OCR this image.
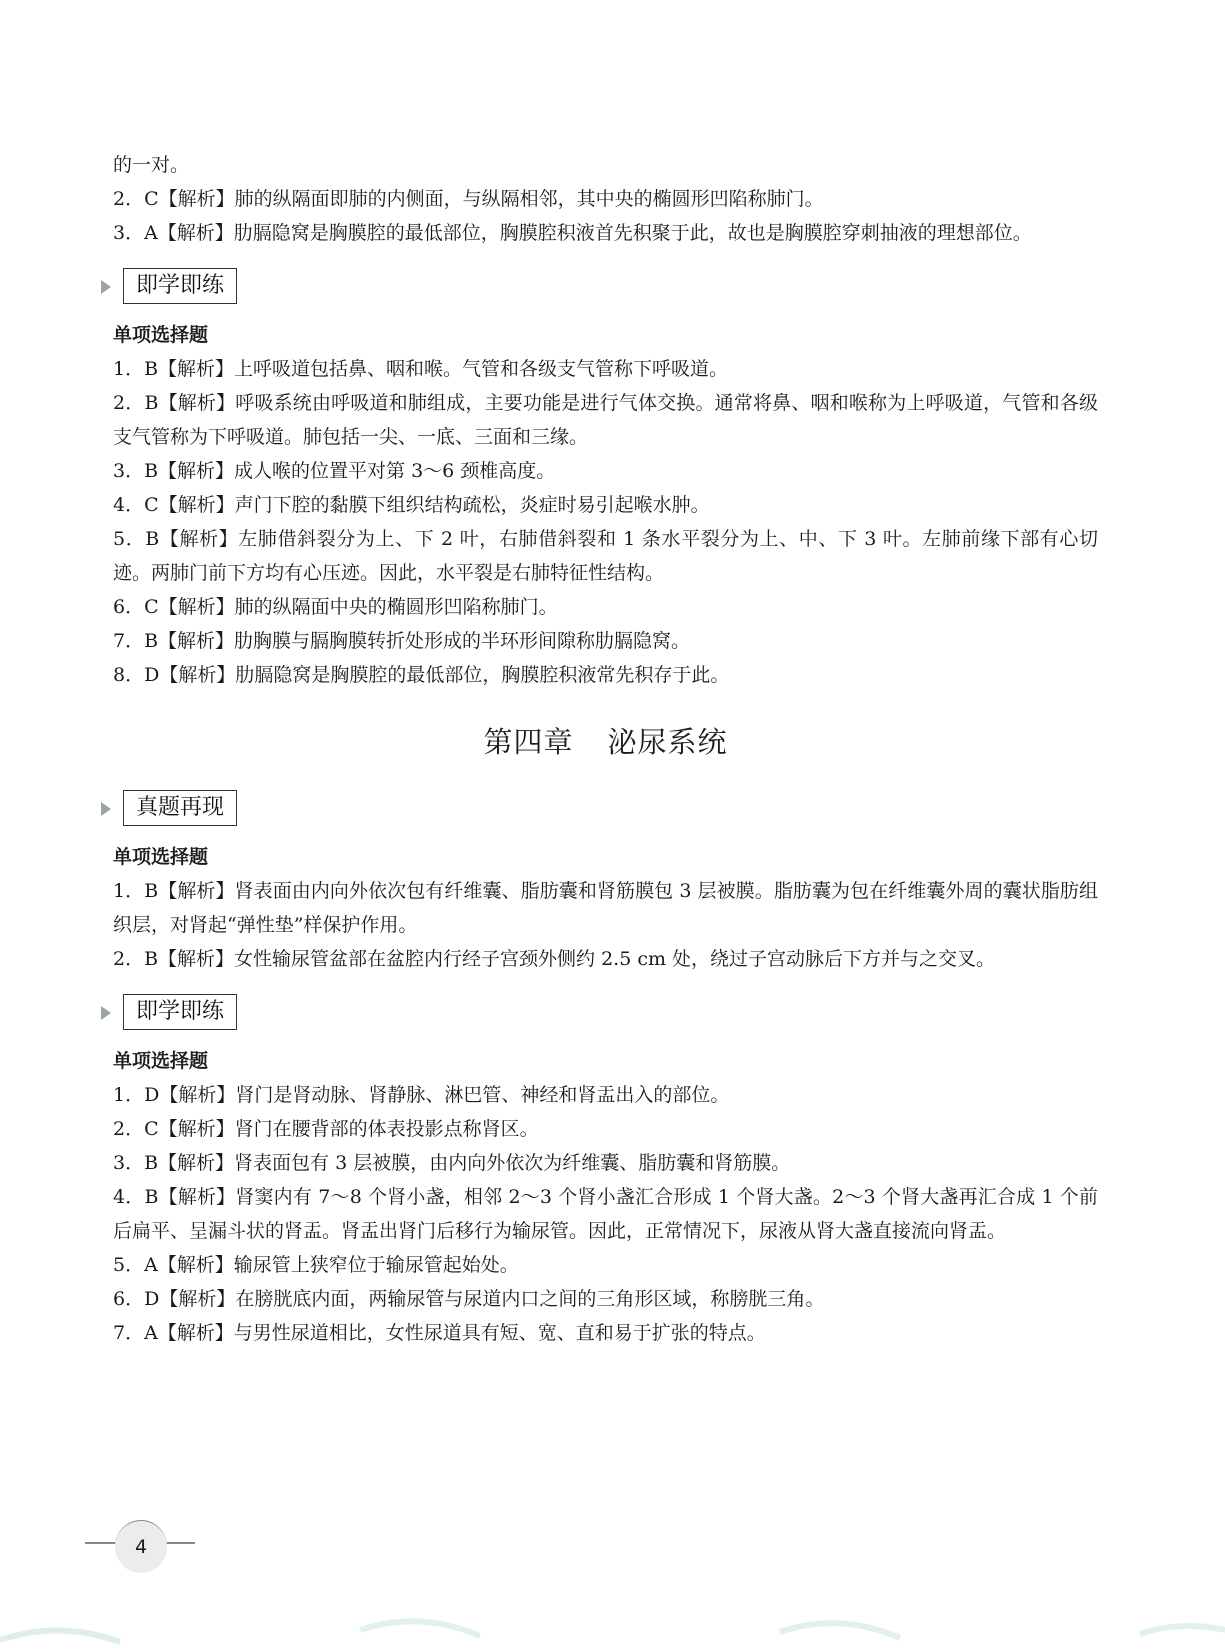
的一对。

2．C【解析】肺的纵隔面即肺的内侧面，与纵隔相邻，其中央的椭圆形凹陷称肺门。

3．A【解析】肋膈隐窝是胸膜腔的最低部位，胸膜腔积液首先积聚于此，故也是胸膜腔穿刺抽液的理想部位。

即学即练

单项选择题

1．B【解析】上呼吸道包括鼻、咽和喉。气管和各级支气管称下呼吸道。

2．B【解析】呼吸系统由呼吸道和肺组成，主要功能是进行气体交换。通常将鼻、咽和喉称为上呼吸道，气管和各级支气管称为下呼吸道。肺包括一尖、一底、三面和三缘。

3．B【解析】成人喉的位置平对第 3～6 颈椎高度。

4．C【解析】声门下腔的黏膜下组织结构疏松，炎症时易引起喉水肿。

5．B【解析】左肺借斜裂分为上、下 2 叶，右肺借斜裂和 1 条水平裂分为上、中、下 3 叶。左肺前缘下部有心切迹。两肺门前下方均有心压迹。因此，水平裂是右肺特征性结构。

6．C【解析】肺的纵隔面中央的椭圆形凹陷称肺门。

7．B【解析】肋胸膜与膈胸膜转折处形成的半环形间隙称肋膈隐窝。

8．D【解析】肋膈隐窝是胸膜腔的最低部位，胸膜腔积液常先积存于此。

第四章 泌尿系统
真题再现

单项选择题

1．B【解析】肾表面由内向外依次包有纤维囊、脂肪囊和肾筋膜包 3 层被膜。脂肪囊为包在纤维囊外周的囊状脂肪组织层，对肾起“弹性垫”样保护作用。

2．B【解析】女性输尿管盆部在盆腔内行经子宫颈外侧约 2.5 cm 处，绕过子宫动脉后下方并与之交叉。

即学即练

单项选择题

1．D【解析】肾门是肾动脉、肾静脉、淋巴管、神经和肾盂出入的部位。

2．C【解析】肾门在腰背部的体表投影点称肾区。

3．B【解析】肾表面包有 3 层被膜，由内向外依次为纤维囊、脂肪囊和肾筋膜。

4．B【解析】肾窦内有 7～8 个肾小盏，相邻 2～3 个肾小盏汇合形成 1 个肾大盏。2～3 个肾大盏再汇合成 1 个前后扁平、呈漏斗状的肾盂。肾盂出肾门后移行为输尿管。因此，正常情况下，尿液从肾大盏直接流向肾盂。

5．A【解析】输尿管上狭窄位于输尿管起始处。

6．D【解析】在膀胱底内面，两输尿管与尿道内口之间的三角形区域，称膀胱三角。

7．A【解析】与男性尿道相比，女性尿道具有短、宽、直和易于扩张的特点。

4
